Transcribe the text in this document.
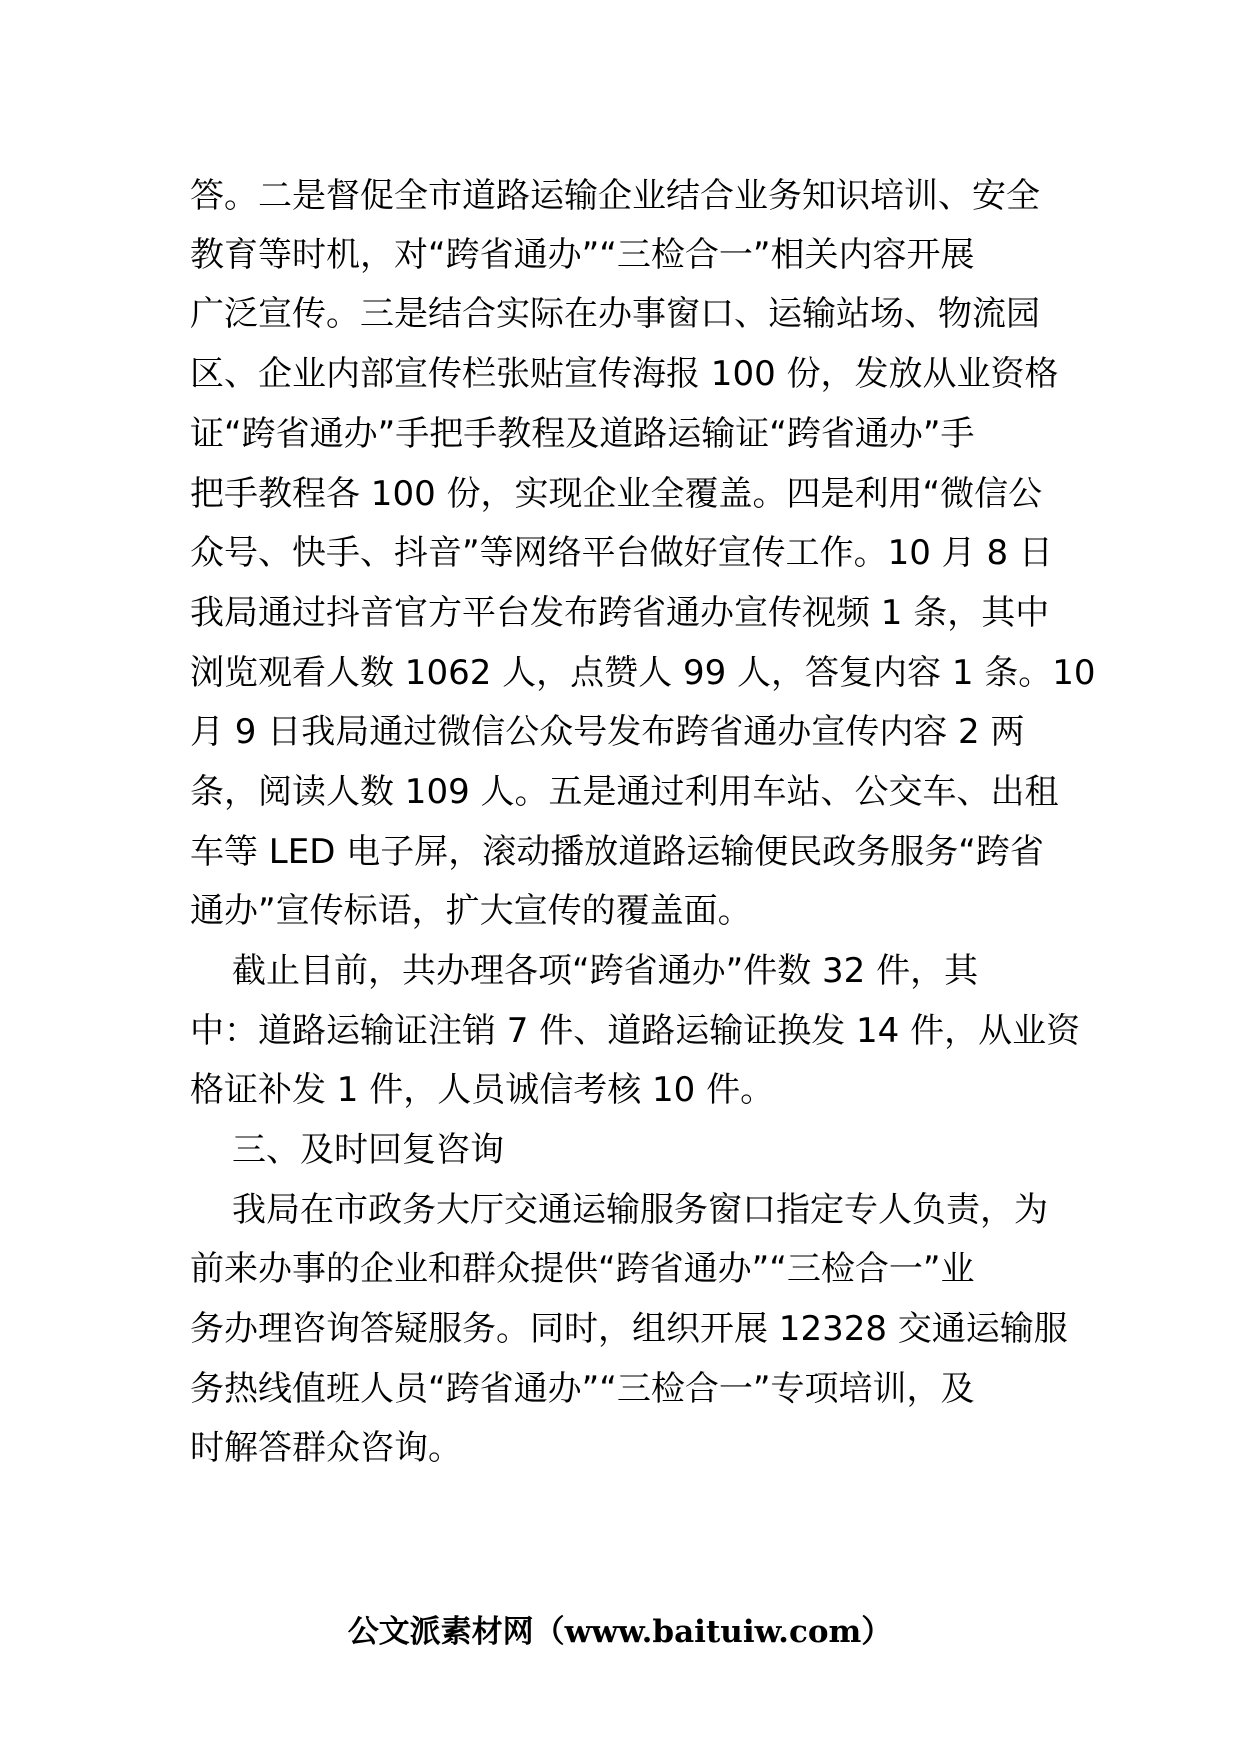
答。二是督促全市道路运输企业结合业务知识培训、安全
教育等时机，对“跨省通办”“三检合一”相关内容开展
广泛宣传。三是结合实际在办事窗口、运输站场、物流园
区、企业内部宣传栏张贴宣传海报 100 份，发放从业资格
证“跨省通办”手把手教程及道路运输证“跨省通办”手
把手教程各 100 份，实现企业全覆盖。四是利用“微信公
众号、快手、抖音”等网络平台做好宣传工作。10 月 8 日
我局通过抖音官方平台发布跨省通办宣传视频 1 条，其中
浏览观看人数 1062 人，点赞人 99 人，答复内容 1 条。10
月 9 日我局通过微信公众号发布跨省通办宣传内容 2 两
条，阅读人数 109 人。五是通过利用车站、公交车、出租
车等 LED 电子屏，滚动播放道路运输便民政务服务“跨省
通办”宣传标语，扩大宣传的覆盖面。
截止目前，共办理各项“跨省通办”件数 32 件，其
中：道路运输证注销 7 件、道路运输证换发 14 件，从业资
格证补发 1 件，人员诚信考核 10 件。
三、及时回复咨询
我局在市政务大厅交通运输服务窗口指定专人负责，为
前来办事的企业和群众提供“跨省通办”“三检合一”业
务办理咨询答疑服务。同时，组织开展 12328 交通运输服
务热线值班人员“跨省通办”“三检合一”专项培训，及
时解答群众咨询。
公文派素材网（www.baituiw.com）
